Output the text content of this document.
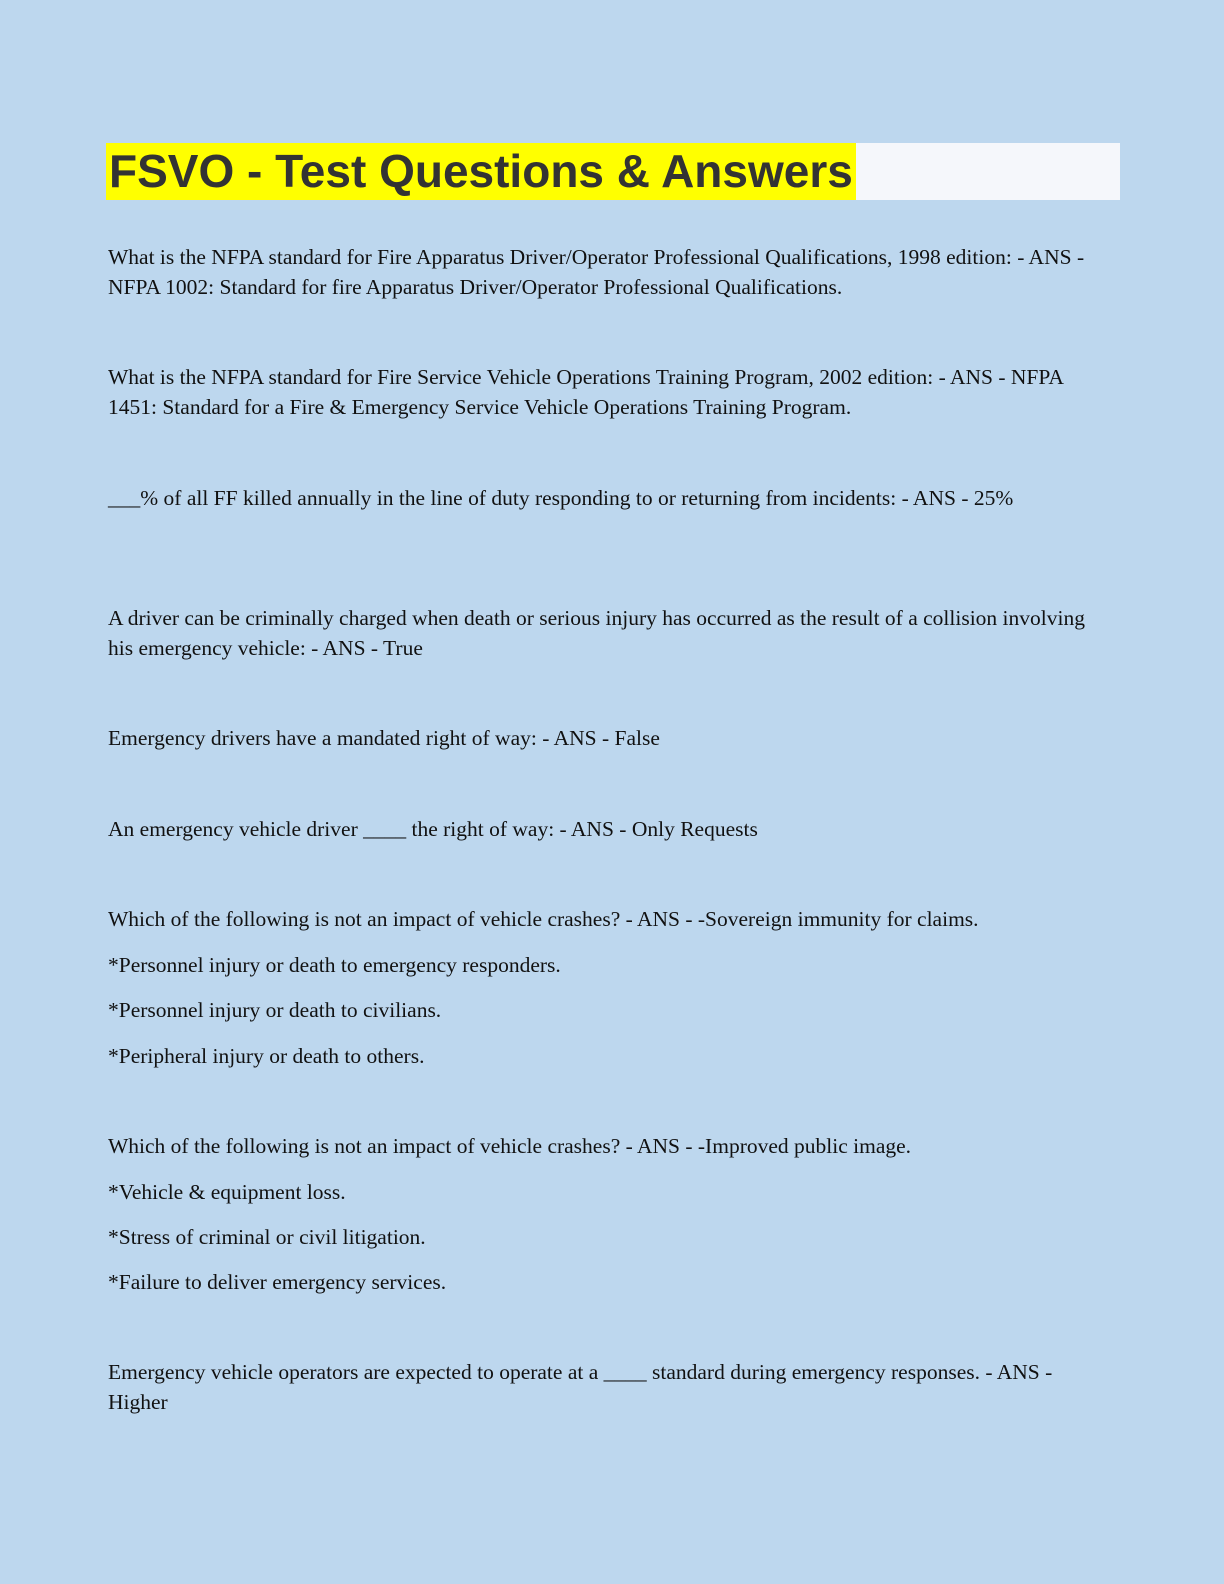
FSVO - Test Questions & Answers

What is the NFPA standard for Fire Apparatus Driver/Operator Professional Qualifications, 1998 edition: - ANS - NFPA 1002: Standard for fire Apparatus Driver/Operator Professional Qualifications.

What is the NFPA standard for Fire Service Vehicle Operations Training Program, 2002 edition: - ANS - NFPA 1451: Standard for a Fire & Emergency Service Vehicle Operations Training Program.

___% of all FF killed annually in the line of duty responding to or returning from incidents: - ANS - 25%

A driver can be criminally charged when death or serious injury has occurred as the result of a collision involving his emergency vehicle: - ANS - True

Emergency drivers have a mandated right of way: - ANS - False

An emergency vehicle driver ____ the right of way: - ANS - Only Requests

Which of the following is not an impact of vehicle crashes? - ANS - -Sovereign immunity for claims.

*Personnel injury or death to emergency responders.

*Personnel injury or death to civilians.

*Peripheral injury or death to others.

Which of the following is not an impact of vehicle crashes? - ANS - -Improved public image.

*Vehicle & equipment loss.

*Stress of criminal or civil litigation.

*Failure to deliver emergency services.

Emergency vehicle operators are expected to operate at a ____ standard during emergency responses. - ANS - Higher
